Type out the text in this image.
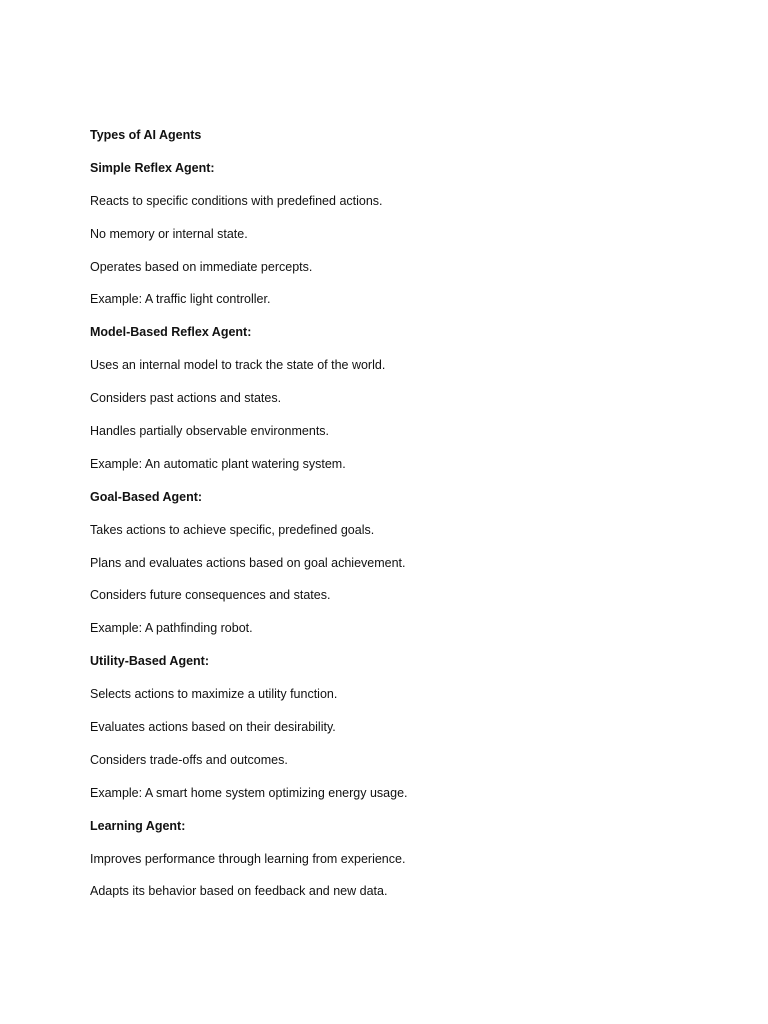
Types of AI Agents
Simple Reflex Agent:
Reacts to specific conditions with predefined actions.
No memory or internal state.
Operates based on immediate percepts.
Example: A traffic light controller.
Model-Based Reflex Agent:
Uses an internal model to track the state of the world.
Considers past actions and states.
Handles partially observable environments.
Example: An automatic plant watering system.
Goal-Based Agent:
Takes actions to achieve specific, predefined goals.
Plans and evaluates actions based on goal achievement.
Considers future consequences and states.
Example: A pathfinding robot.
Utility-Based Agent:
Selects actions to maximize a utility function.
Evaluates actions based on their desirability.
Considers trade-offs and outcomes.
Example: A smart home system optimizing energy usage.
Learning Agent:
Improves performance through learning from experience.
Adapts its behavior based on feedback and new data.
